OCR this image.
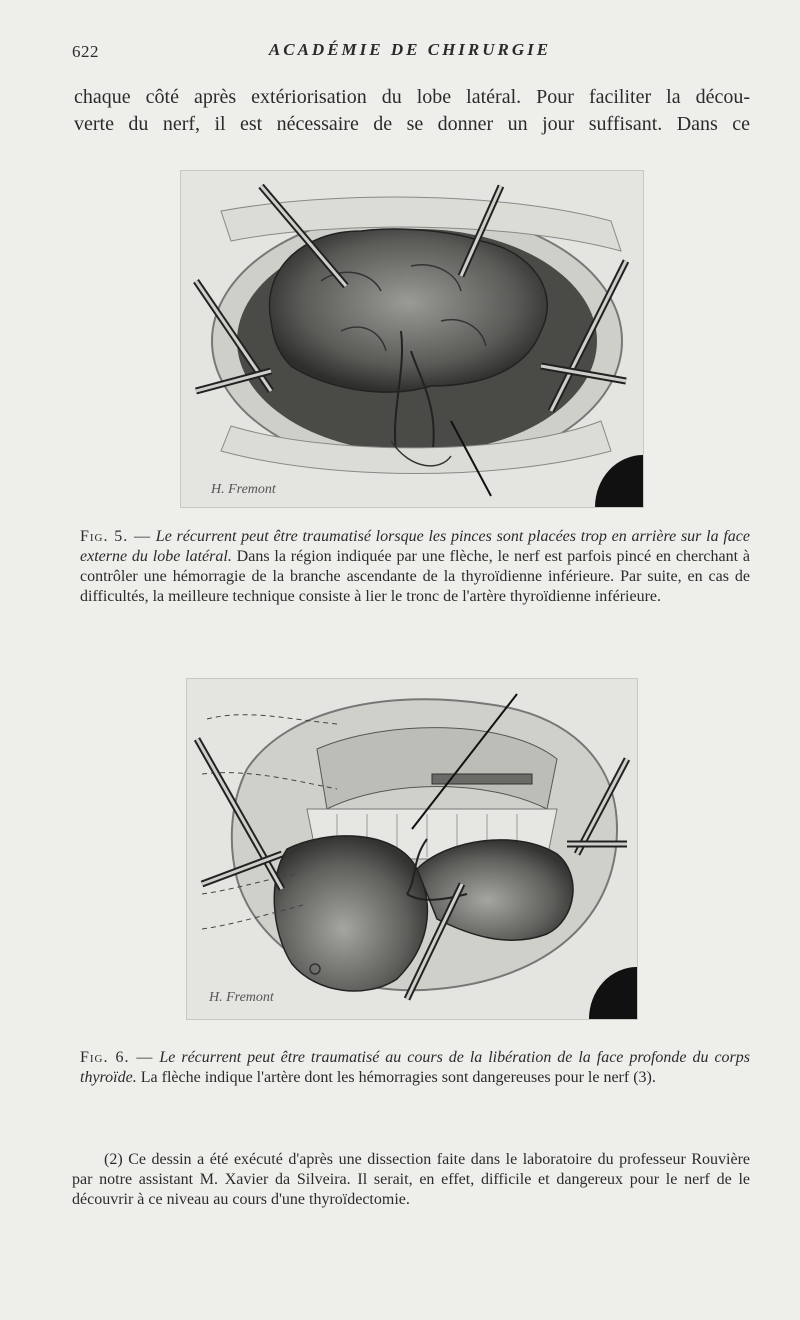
622	ACADÉMIE DE CHIRURGIE
chaque côté après extériorisation du lobe latéral. Pour faciliter la décou-
verte du nerf, il est nécessaire de se donner un jour suffisant. Dans ce
H. Fremont
Fig. 5. — Le récurrent peut être traumatisé lorsque les pinces sont placées trop en arrière sur la face externe du lobe latéral. Dans la région indiquée par une flèche, le nerf est parfois pincé en cherchant à contrôler une hémorragie de la branche ascendante de la thyroïdienne inférieure. Par suite, en cas de difficultés, la meilleure technique consiste à lier le tronc de l'artère thyroïdienne inférieure.
H. Fremont
Fig. 6. — Le récurrent peut être traumatisé au cours de la libération de la face profonde du corps thyroïde. La flèche indique l'artère dont les hémorragies sont dangereuses pour le nerf (3).
(2) Ce dessin a été exécuté d'après une dissection faite dans le laboratoire du professeur Rouvière par notre assistant M. Xavier da Silveira. Il serait, en effet, difficile et dangereux pour le nerf de le découvrir à ce niveau au cours d'une thyroïdectomie.
